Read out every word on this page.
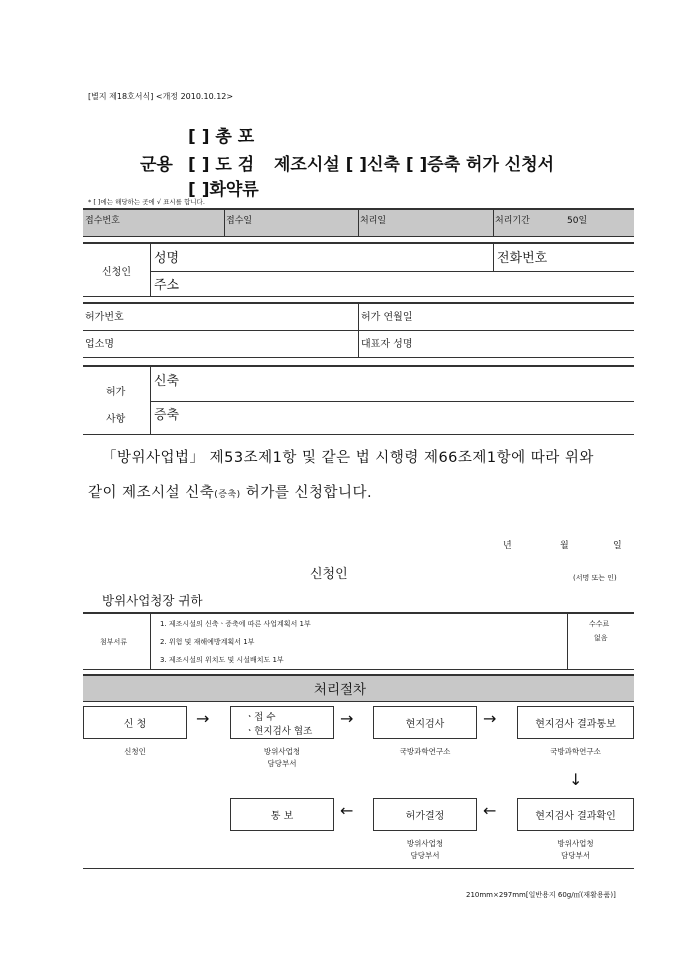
[별지 제18호서식] <개정 2010.10.12>
[ ] 총 포
군용 [ ] 도 검 제조시설 [ ]신축 [ ]증축 허가 신청서
[ ]화약류
* [ ]에는 해당하는 곳에 √ 표시를 합니다.
접수번호	접수일	처리일	처리기간	50일
신청인
성명	전화번호
주소
허가번호	허가 연월일
업소명	대표자 성명
허가
사항
신축
증축
「방위사업법」 제53조제1항 및 같은 법 시행령 제66조제1항에 따라 위와
같이 제조시설 신축(증축) 허가를 신청합니다.
년	월	일
신청인	(서명 또는 인)
방위사업청장 귀하
첨부서류
1. 제조시설의 신축ㆍ증축에 따른 사업계획서 1부
2. 위험 및 재해예방계획서 1부
3. 제조시설의 위치도 및 시설배치도 1부
수수료
없음
처리절차
신 청	→	ㆍ접 수
ㆍ현지검사 협조
→	현지검사	→	현지검사 결과통보
신청인	방위사업청
담당부서
국방과학연구소	국방과학연구소
↓
통 보	←	허가결정	←	현지검사 결과확인
방위사업청
담당부서
방위사업청
담당부서
210mm×297mm[일반용지 60g/㎡(재활용품)]
